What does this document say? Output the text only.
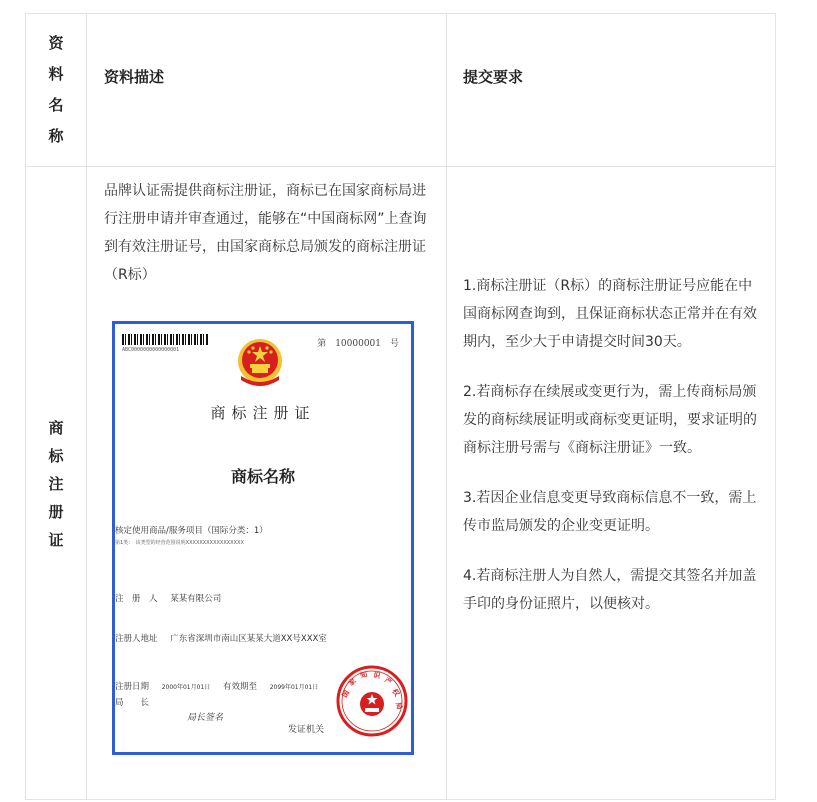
资料名称
资料描述	提交要求
商标注册证
品牌认证需提供商标注册证，商标已在国家商标局进行注册申请并审查通过，能够在“中国商标网”上查询到有效注册证号，由国家商标总局颁发的商标注册证（R标）
ABC0000000000000001
第　10000001　号
商标注册证
商标名称
核定使用商品/服务项目（国际分类：1）
第1类：　该类型的经营范围说明XXXXXXXXXXXXXXXXX
注　册　人 某某有限公司
注册人地址 广东省深圳市南山区某某大道XX号XXX室
注册日期 2000年01月01日 有效期至 2099年01月01日
局　　长
局长签名
发证机关
国
家
知 识
产
权
局

1.商标注册证（R标）的商标注册证号应能在中国商标网查询到，且保证商标状态正常并在有效期内，至少大于申请提交时间30天。

2.若商标存在续展或变更行为，需上传商标局颁发的商标续展证明或商标变更证明，要求证明的商标注册号需与《商标注册证》一致。

3.若因企业信息变更导致商标信息不一致，需上传市监局颁发的企业变更证明。

4.若商标注册人为自然人，需提交其签名并加盖手印的身份证照片，以便核对。
